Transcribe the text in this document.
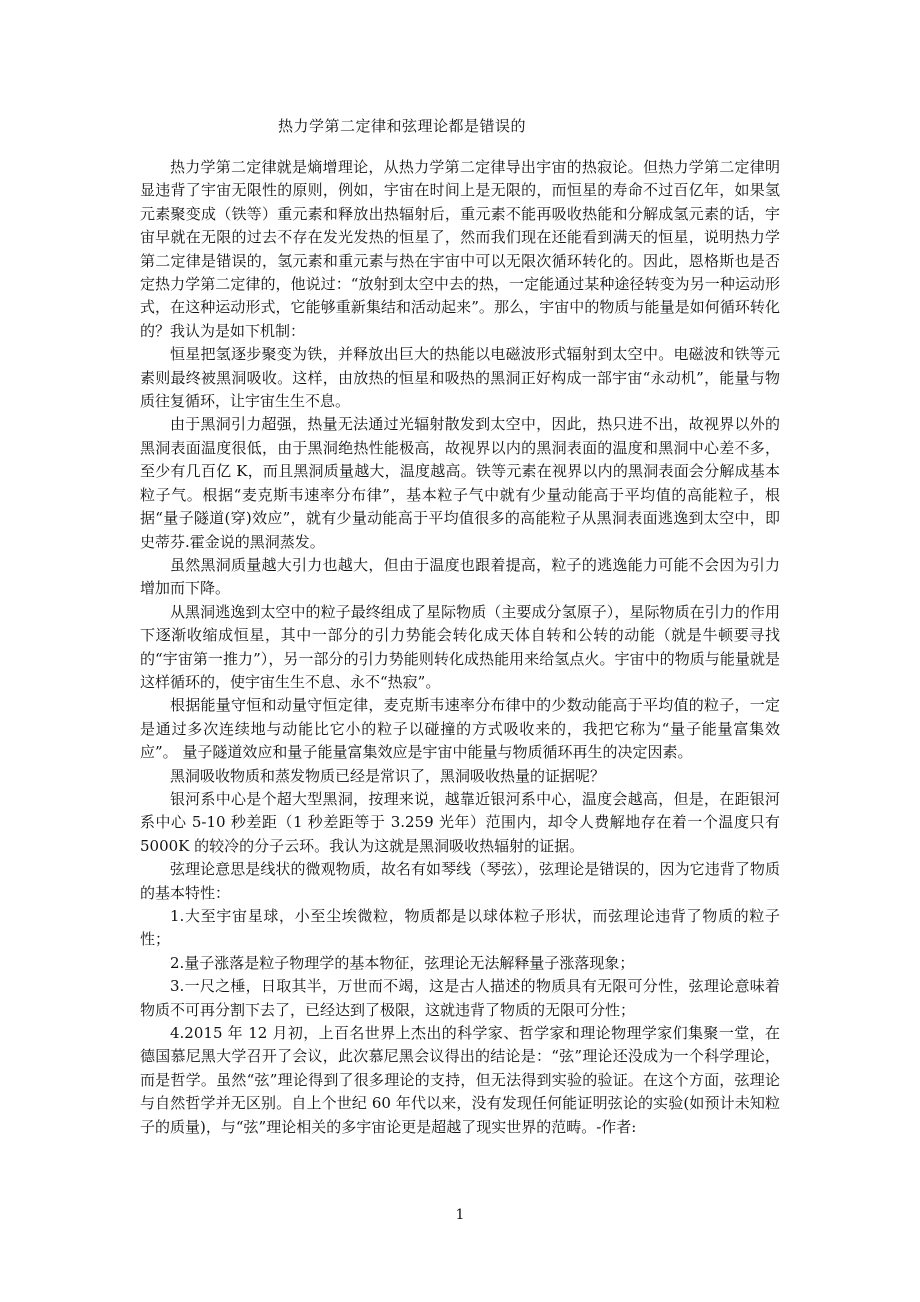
热力学第二定律和弦理论都是错误的

热力学第二定律就是熵增理论，从热力学第二定律导出宇宙的热寂论。但热力学第二定律明显违背了宇宙无限性的原则，例如，宇宙在时间上是无限的，而恒星的寿命不过百亿年，如果氢元素聚变成（铁等）重元素和释放出热辐射后，重元素不能再吸收热能和分解成氢元素的话，宇宙早就在无限的过去不存在发光发热的恒星了，然而我们现在还能看到满天的恒星，说明热力学第二定律是错误的，氢元素和重元素与热在宇宙中可以无限次循环转化的。因此，恩格斯也是否定热力学第二定律的，他说过：“放射到太空中去的热，一定能通过某种途径转变为另一种运动形式，在这种运动形式，它能够重新集结和活动起来”。那么，宇宙中的物质与能量是如何循环转化的？我认为是如下机制：

恒星把氢逐步聚变为铁，并释放出巨大的热能以电磁波形式辐射到太空中。电磁波和铁等元素则最终被黑洞吸收。这样，由放热的恒星和吸热的黑洞正好构成一部宇宙“永动机”，能量与物质往复循环，让宇宙生生不息。

由于黑洞引力超强，热量无法通过光辐射散发到太空中，因此，热只进不出，故视界以外的黑洞表面温度很低，由于黑洞绝热性能极高，故视界以内的黑洞表面的温度和黑洞中心差不多，至少有几百亿 K，而且黑洞质量越大，温度越高。铁等元素在视界以内的黑洞表面会分解成基本粒子气。根据“麦克斯韦速率分布律”，基本粒子气中就有少量动能高于平均值的高能粒子，根据“量子隧道(穿)效应”，就有少量动能高于平均值很多的高能粒子从黑洞表面逃逸到太空中，即史蒂芬.霍金说的黑洞蒸发。

虽然黑洞质量越大引力也越大，但由于温度也跟着提高，粒子的逃逸能力可能不会因为引力增加而下降。

从黑洞逃逸到太空中的粒子最终组成了星际物质（主要成分氢原子），星际物质在引力的作用下逐渐收缩成恒星，其中一部分的引力势能会转化成天体自转和公转的动能（就是牛顿要寻找的“宇宙第一推力”），另一部分的引力势能则转化成热能用来给氢点火。宇宙中的物质与能量就是这样循环的，使宇宙生生不息、永不“热寂”。

根据能量守恒和动量守恒定律，麦克斯韦速率分布律中的少数动能高于平均值的粒子，一定是通过多次连续地与动能比它小的粒子以碰撞的方式吸收来的，我把它称为“量子能量富集效应”。 量子隧道效应和量子能量富集效应是宇宙中能量与物质循环再生的决定因素。

黑洞吸收物质和蒸发物质已经是常识了，黑洞吸收热量的证据呢？

银河系中心是个超大型黑洞，按理来说，越靠近银河系中心，温度会越高，但是，在距银河系中心 5-10 秒差距（1 秒差距等于 3.259 光年）范围内，却令人费解地存在着一个温度只有 5000K 的较冷的分子云环。我认为这就是黑洞吸收热辐射的证据。

弦理论意思是线状的微观物质，故名有如琴线（琴弦），弦理论是错误的，因为它违背了物质的基本特性：

1.大至宇宙星球，小至尘埃微粒，物质都是以球体粒子形状，而弦理论违背了物质的粒子性；

2.量子涨落是粒子物理学的基本物征，弦理论无法解释量子涨落现象；

3.一尺之棰，日取其半，万世而不竭，这是古人描述的物质具有无限可分性，弦理论意味着物质不可再分割下去了，已经达到了极限，这就违背了物质的无限可分性；

4.2015 年 12 月初，上百名世界上杰出的科学家、哲学家和理论物理学家们集聚一堂，在德国慕尼黑大学召开了会议，此次慕尼黑会议得出的结论是：“弦”理论还没成为一个科学理论，而是哲学。虽然“弦”理论得到了很多理论的支持，但无法得到实验的验证。在这个方面，弦理论与自然哲学并无区别。自上个世纪 60 年代以来，没有发现任何能证明弦论的实验(如预计未知粒子的质量)，与“弦”理论相关的多宇宙论更是超越了现实世界的范畴。-作者:

1
